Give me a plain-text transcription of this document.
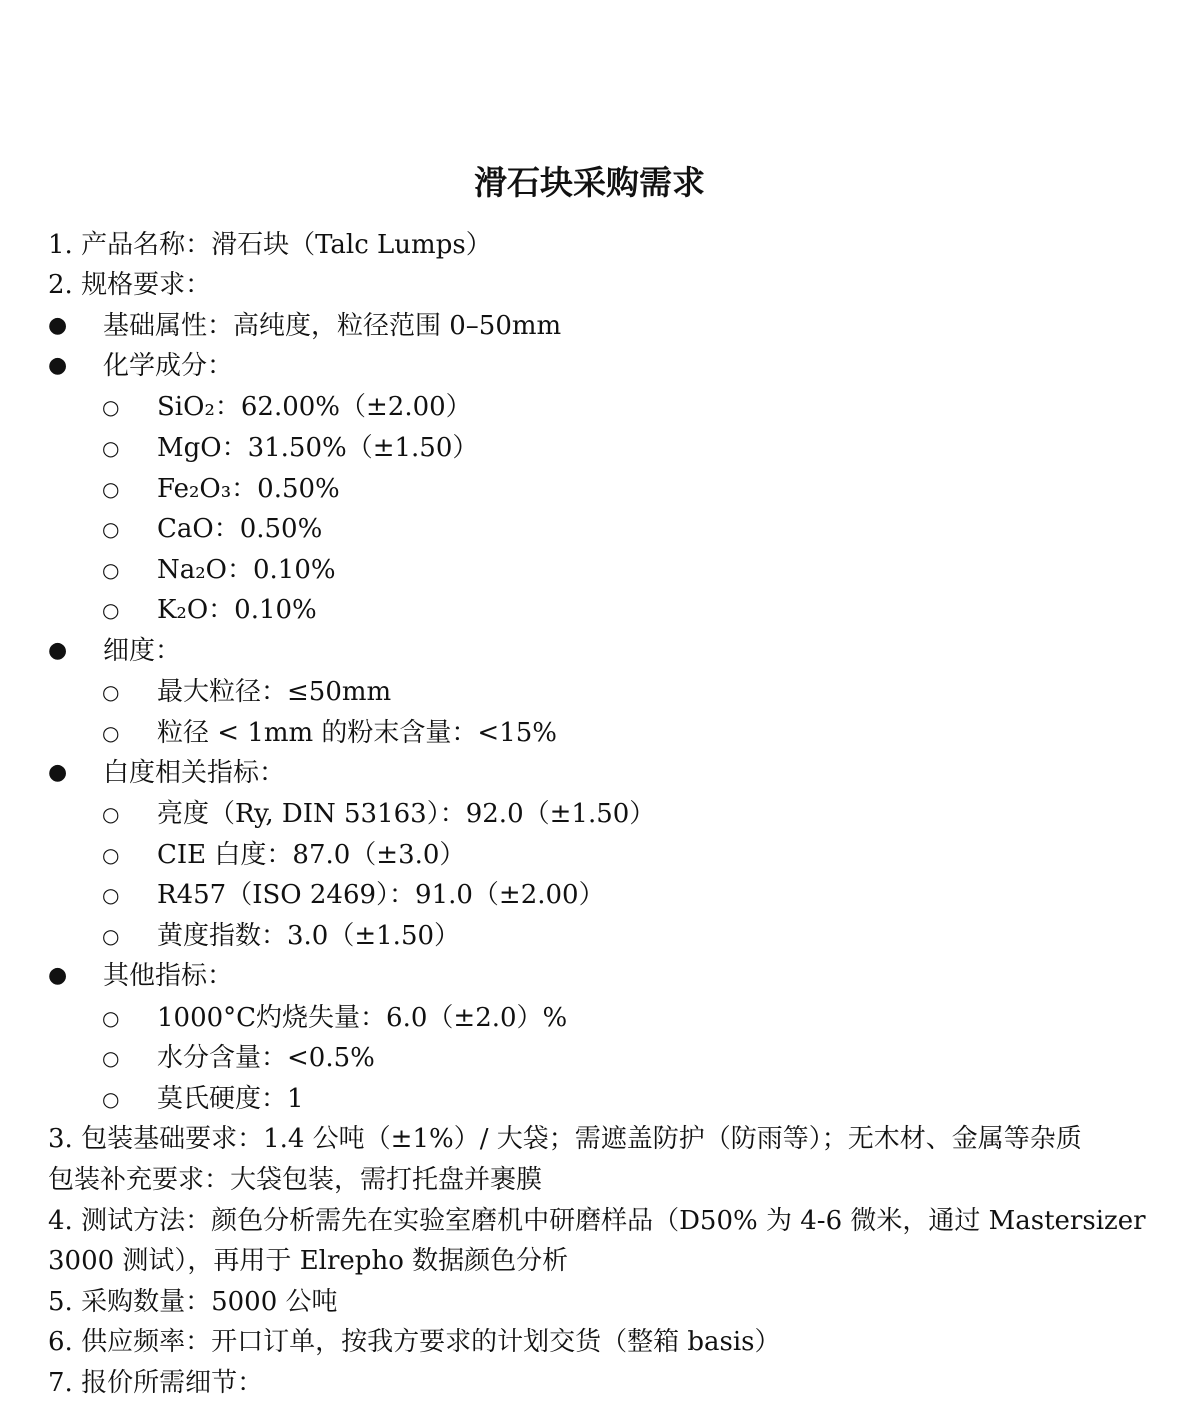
滑石块采购需求
1. 产品名称：滑石块（Talc Lumps）
2. 规格要求：
● 基础属性：高纯度，粒径范围 0–50mm
● 化学成分：
○ SiO₂：62.00%（±2.00）
○ MgO：31.50%（±1.50）
○ Fe₂O₃：0.50%
○ CaO：0.50%
○ Na₂O：0.10%
○ K₂O：0.10%
● 细度：
○ 最大粒径：≤50mm
○ 粒径 < 1mm 的粉末含量：<15%
● 白度相关指标：
○ 亮度（Ry, DIN 53163）：92.0（±1.50）
○ CIE 白度：87.0（±3.0）
○ R457（ISO 2469）：91.0（±2.00）
○ 黄度指数：3.0（±1.50）
● 其他指标：
○ 1000°C灼烧失量：6.0（±2.0）%
○ 水分含量：<0.5%
○ 莫氏硬度：1
3. 包装基础要求：1.4 公吨（±1%）/ 大袋；需遮盖防护（防雨等）；无木材、金属等杂质
包装补充要求：大袋包装，需打托盘并裹膜
4. 测试方法：颜色分析需先在实验室磨机中研磨样品（D50% 为 4-6 微米，通过 Mastersizer
3000 测试），再用于 Elrepho 数据颜色分析
5. 采购数量：5000 公吨
6. 供应频率：开口订单，按我方要求的计划交货（整箱 basis）
7. 报价所需细节：
